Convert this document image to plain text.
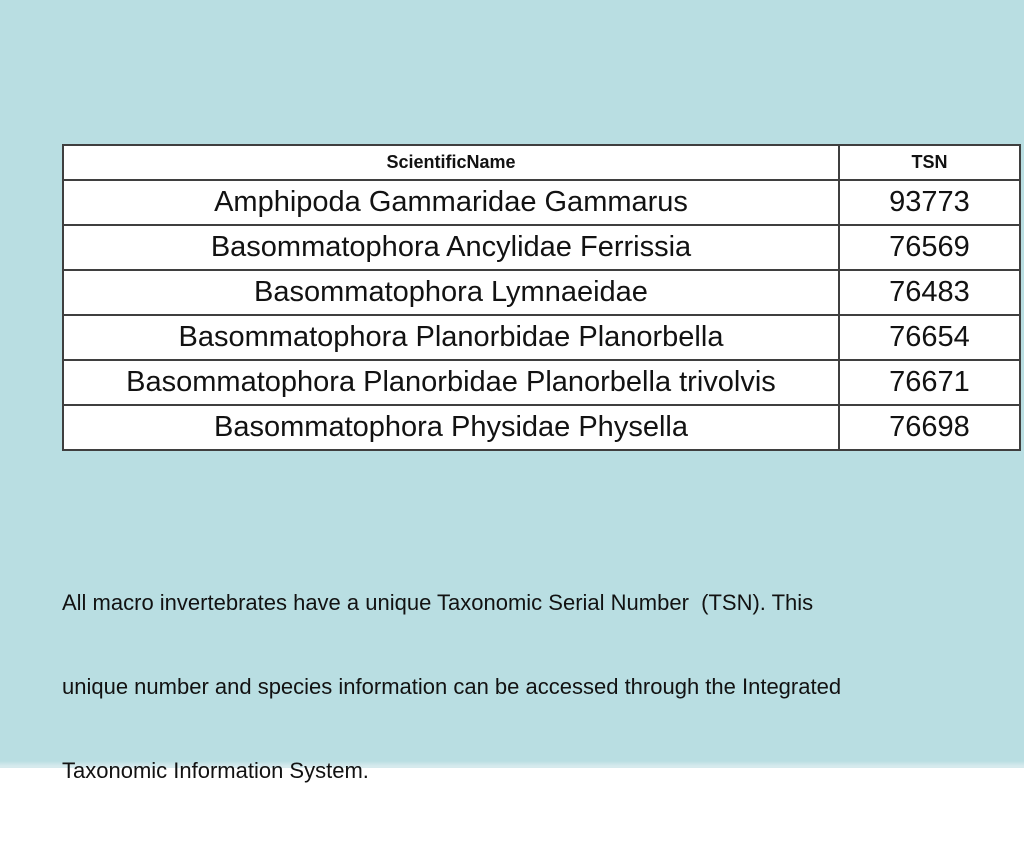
ScientificName	TSN
Amphipoda Gammaridae Gammarus	93773
Basommatophora Ancylidae Ferrissia	76569
Basommatophora Lymnaeidae	76483
Basommatophora Planorbidae Planorbella	76654
Basommatophora Planorbidae Planorbella trivolvis	76671
Basommatophora Physidae Physella	76698

All macro invertebrates have a unique Taxonomic Serial Number  (TSN). This

unique number and species information can be accessed through the Integrated

Taxonomic Information System.
